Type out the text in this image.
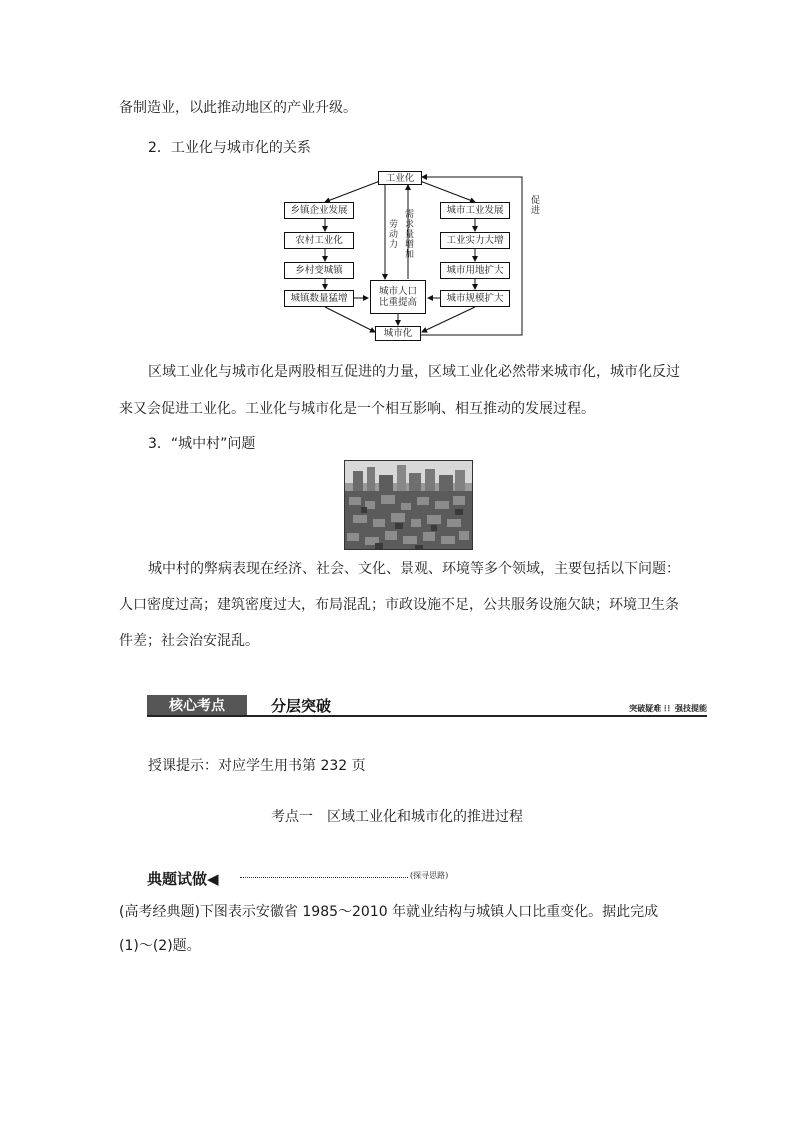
备制造业，以此推动地区的产业升级。
2．工业化与城市化的关系
工业化
乡镇企业发展
农村工业化
乡村变城镇
城镇数量猛增
城市工业发展
工业实力大增
城市用地扩大
城市规模扩大
城市人口比重提高
城市化
劳动力 需求量增加
促进
区域工业化与城市化是两股相互促进的力量，区域工业化必然带来城市化，城市化反过
来又会促进工业化。工业化与城市化是一个相互影响、相互推动的发展过程。
3．“城中村”问题
城中村的弊病表现在经济、社会、文化、景观、环境等多个领域，主要包括以下问题：
人口密度过高；建筑密度过大，布局混乱；市政设施不足，公共服务设施欠缺；环境卫生条
件差；社会治安混乱。
核心考点	分层突破	突破疑难 ⁞⁞ 强技提能
授课提示：对应学生用书第 232 页
考点一　区域工业化和城市化的推进过程
典题试做◀	(探寻思路)
(高考经典题)下图表示安徽省 1985～2010 年就业结构与城镇人口比重变化。据此完成
(1)～(2)题。
